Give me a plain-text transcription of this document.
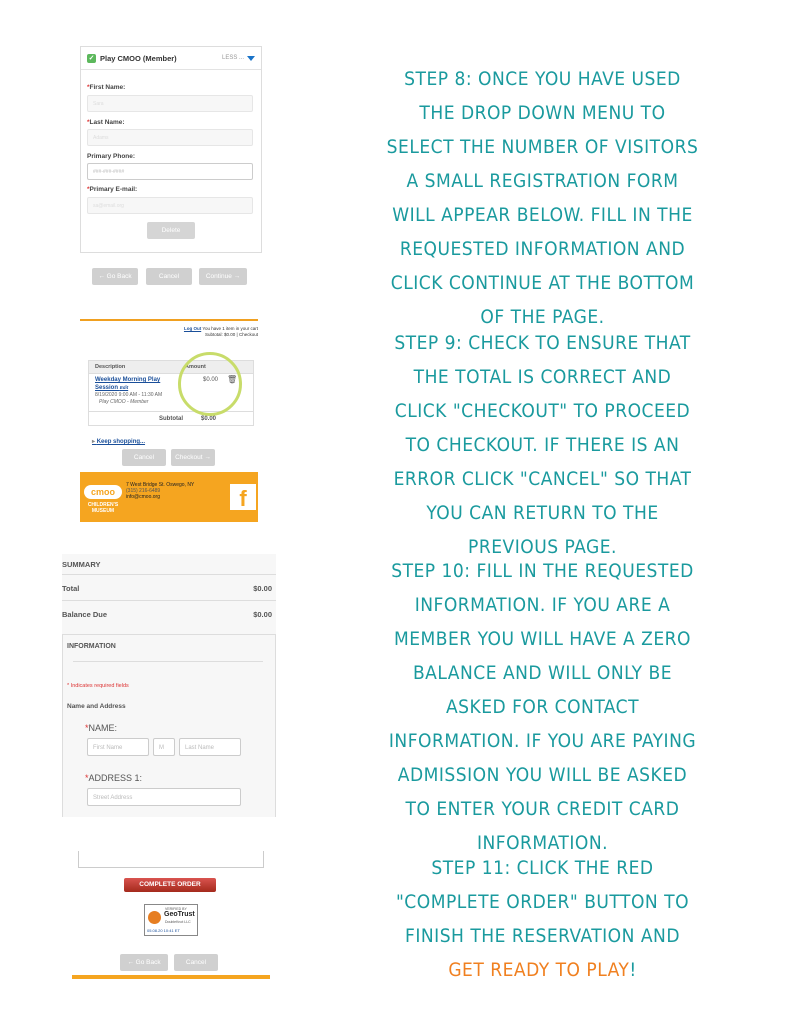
✓ Play CMOO (Member)	LESS ...
*First Name:
Sara
*Last Name:
Adams
Primary Phone:
###-###-####
*Primary E-mail:
sa@email.org
Delete
← Go Back	Cancel	Continue →
Log Out You have 1 item in your cart
Subtotal: $0.00 | Checkout
Description	Amount
Weekday Morning Play
Session Edit
8/19/2020 9:00 AM - 11:30 AM
Play CMOO - Member
$0.00 🗑
Subtotal	$0.00
▸ Keep shopping...
Cancel	Checkout →
cmoo
CHILDREN'S
MUSEUM
7 West Bridge St. Oswego, NY
(315) 216-6489
info@cmoo.org	f
SUMMARY
Total	$0.00
Balance Due	$0.00
INFORMATION
* Indicates required fields
Name and Address
*NAME:
First Name	M	Last Name
*ADDRESS 1:
Street Address
COMPLETE ORDER
VERIFIED BY
GeoTrust
DoubleKnot LLC
05.08.20 10:41 ET
← Go Back	Cancel
STEP 8: ONCE YOU HAVE USED THE DROP DOWN MENU TO SELECT THE NUMBER OF VISITORS A SMALL REGISTRATION FORM WILL APPEAR BELOW. FILL IN THE REQUESTED INFORMATION AND CLICK CONTINUE AT THE BOTTOM OF THE PAGE.
STEP 9: CHECK TO ENSURE THAT THE TOTAL IS CORRECT AND CLICK "CHECKOUT" TO PROCEED TO CHECKOUT. IF THERE IS AN ERROR CLICK "CANCEL" SO THAT YOU CAN RETURN TO THE PREVIOUS PAGE.
STEP 10: FILL IN THE REQUESTED INFORMATION. IF YOU ARE A MEMBER YOU WILL HAVE A ZERO BALANCE AND WILL ONLY BE ASKED FOR CONTACT INFORMATION. IF YOU ARE PAYING ADMISSION YOU WILL BE ASKED TO ENTER YOUR CREDIT CARD INFORMATION.
STEP 11: CLICK THE RED "COMPLETE ORDER" BUTTON TO FINISH THE RESERVATION AND GET READY TO PLAY!
